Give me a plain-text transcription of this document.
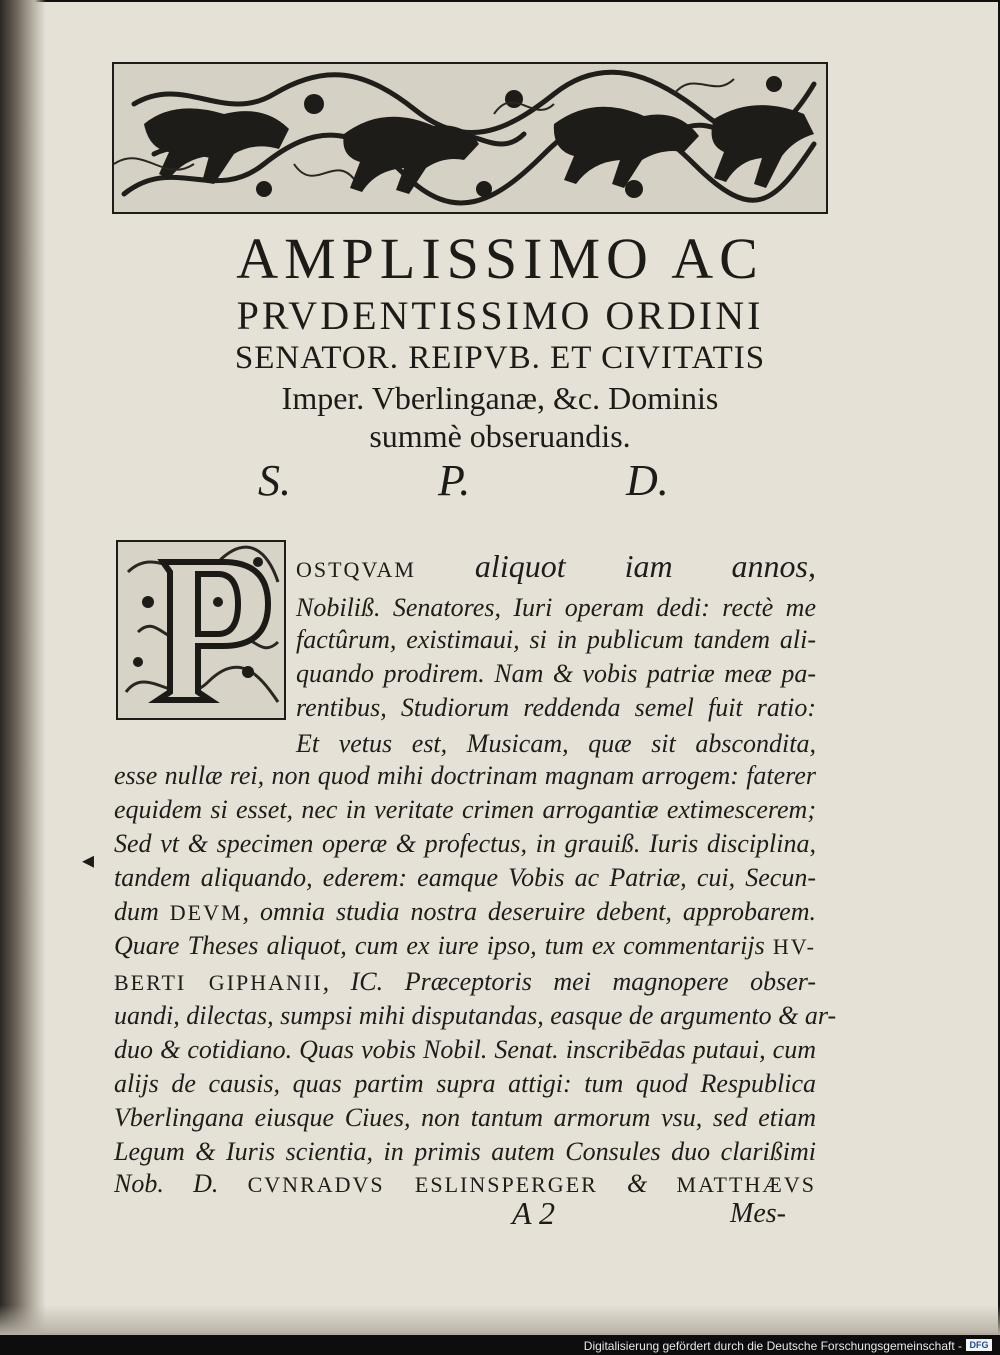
AMPLISSIMO AC
PRVDENTISSIMO ORDINI
SENATOR. REIPVB. ET CIVITATIS
Imper. Vberlinganæ, &c. Dominis
summè obseruandis.
S.	P.	D.
OSTQVAM aliquot iam annos,
Nobiliß. Senatores, Iuri operam dedi: rectè me
factûrum, existimaui, si in publicum tandem ali-
quando prodirem. Nam & vobis patriæ meæ pa-
rentibus, Studiorum reddenda semel fuit ratio:
Et vetus est, Musicam, quæ sit abscondita,
esse nullæ rei, non quod mihi doctrinam magnam arrogem: faterer
equidem si esset, nec in veritate crimen arrogantiæ extimescerem;
Sed vt & specimen operæ & profectus, in grauiß. Iuris disciplina,
tandem aliquando, ederem: eamque Vobis ac Patriæ, cui, Secun-
dum DEVM, omnia studia nostra deseruire debent, approbarem.
Quare Theses aliquot, cum ex iure ipso, tum ex commentarijs HV-
BERTI GIPHANII, IC. Præceptoris mei magnopere obser-
uandi, dilectas, sumpsi mihi disputandas, easque de argumento & ar-
duo & cotidiano. Quas vobis Nobil. Senat. inscribēdas putaui, cum
alijs de causis, quas partim supra attigi: tum quod Respublica
Vberlingana eiusque Ciues, non tantum armorum vsu, sed etiam
Legum & Iuris scientia, in primis autem Consules duo clarißimi
Nob. D. CVNRADVS ESLINSPERGER & MATTHÆVS
◂
A 2	Mes-
Digitalisierung gefördert durch die Deutsche Forschungsgemeinschaft - DFG
